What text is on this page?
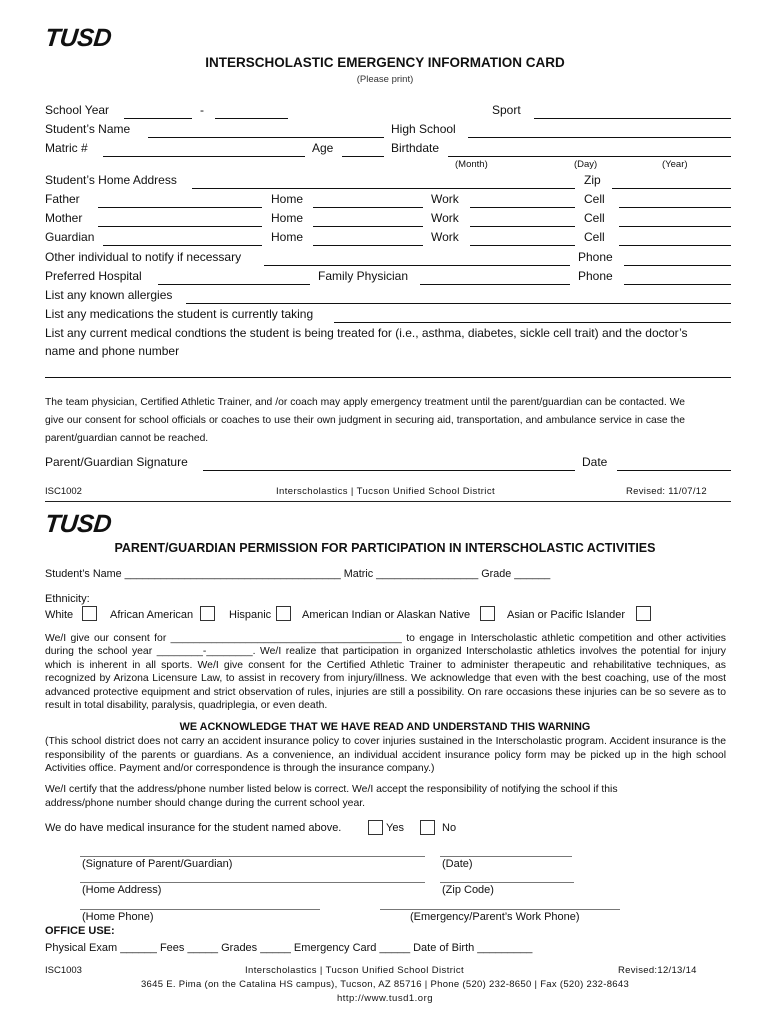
TUSD
INTERSCHOLASTIC EMERGENCY INFORMATION CARD
(Please print)
School Year	-	Sport
Student’s Name	High School
Matric #	Age	Birthdate
(Month)	(Day)	(Year)
Student’s Home Address	Zip
Father	Home	Work	Cell
Mother	Home	Work	Cell
Guardian	Home	Work	Cell
Other individual to notify if necessary	Phone
Preferred Hospital	Family Physician	Phone
List any known allergies
List any medications the student is currently taking
List any current medical condtions the student is being treated for (i.e., asthma, diabetes, sickle cell trait) and the doctor’s
name and phone number
The team physician, Certified Athletic Trainer, and /or coach may apply emergency treatment until the parent/guardian can be contacted. We give our consent for school officials or coaches to use their own judgment in securing aid, transportation, and ambulance service in case the parent/guardian cannot be reached.
Parent/Guardian Signature	Date
ISC1002	Interscholastics | Tucson Unified School District	Revised: 11/07/12
TUSD
PARENT/GUARDIAN PERMISSION FOR PARTICIPATION IN INTERSCHOLASTIC ACTIVITIES
Student’s Name ____________________________________ Matric _________________ Grade ______
Ethnicity:
White	African American	Hispanic	American Indian or Alaskan Native	Asian or Pacific Islander
We/I give our consent for ________________________________________ to engage in Interscholastic athletic competition and other activities during the school year ________-________. We/I realize that participation in organized Interscholastic athletics involves the potential for injury which is inherent in all sports. We/I give consent for the Certified Athletic Trainer to administer therapeutic and rehabilitative techniques, as recognized by Arizona Licensure Law, to assist in recovery from injury/illness. We acknowledge that even with the best coaching, use of the most advanced protective equipment and strict observation of rules, injuries are still a possibility. On rare occasions these injuries can be so severe as to result in total disability, paralysis, quadriplegia, or even death.
WE ACKNOWLEDGE THAT WE HAVE READ AND UNDERSTAND THIS WARNING
(This school district does not carry an accident insurance policy to cover injuries sustained in the Interscholastic program. Accident insurance is the responsibility of the parents or guardians. As a convenience, an individual accident insurance policy form may be picked up in the high school Activities office. Payment and/or correspondence is through the insurance company.)
We/I certify that the address/phone number listed below is correct. We/I accept the responsibility of notifying the school if this address/phone number should change during the current school year.
We do have medical insurance for the student named above.	Yes	No
(Signature of Parent/Guardian)	(Date)
(Home Address)	(Zip Code)
(Home Phone)	(Emergency/Parent’s Work Phone)
OFFICE USE:
Physical Exam ______ Fees _____ Grades _____ Emergency Card _____ Date of Birth _________
ISC1003	Interscholastics | Tucson Unified School District	Revised:12/13/14
3645 E. Pima (on the Catalina HS campus), Tucson, AZ 85716 | Phone (520) 232-8650 | Fax (520) 232-8643
http://www.tusd1.org
